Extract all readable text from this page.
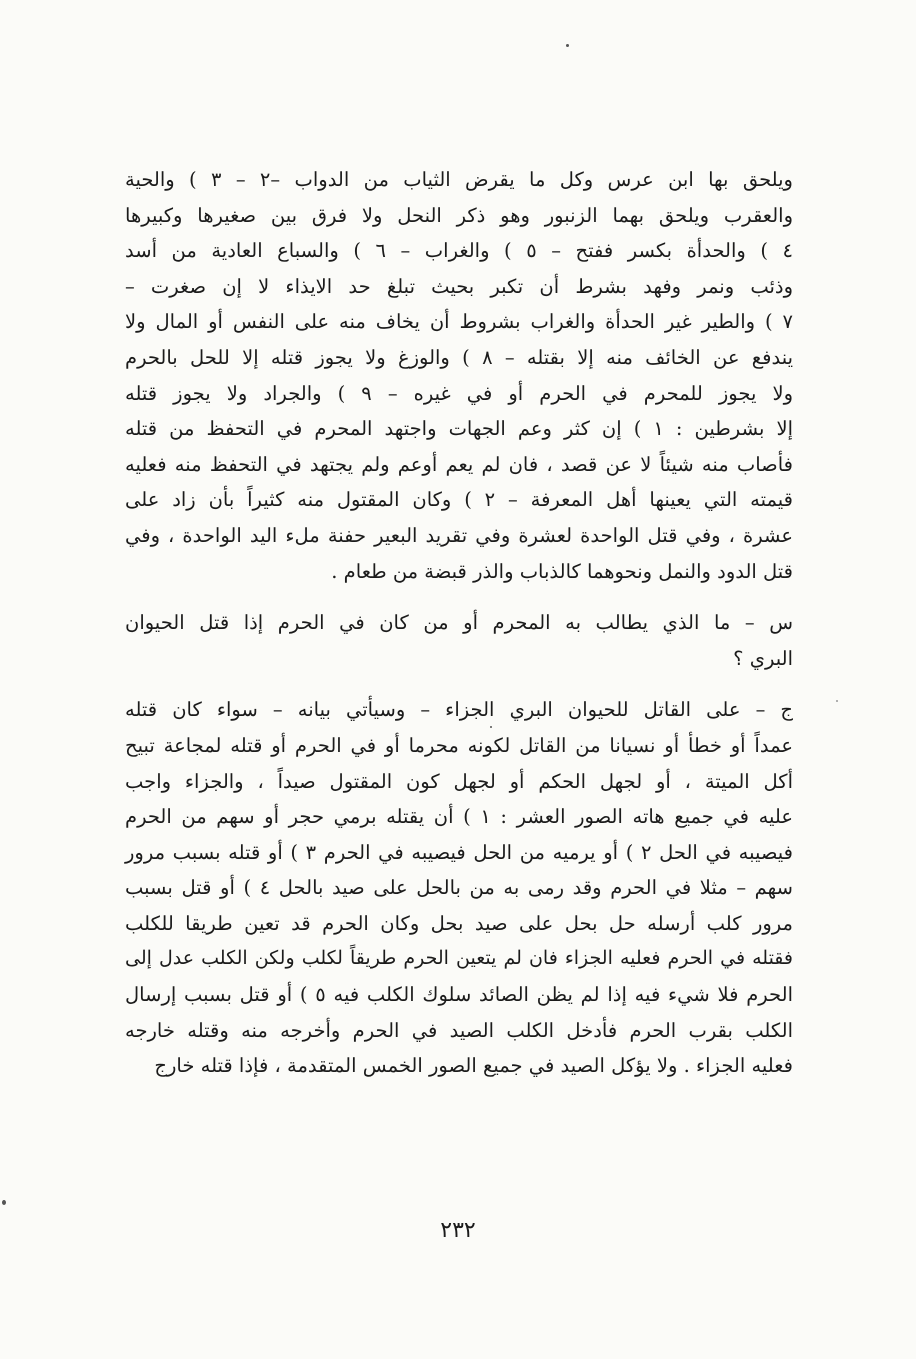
ويلحق بها ابن عرس وكل ما يقرض الثياب من الدواب –٢ – ٣ ) والحية
والعقرب ويلحق بهما الزنبور وهو ذكر النحل ولا فرق بين صغيرها وكبيرها
٤ ) والحدأة بكسر ففتح – ٥ ) والغراب – ٦ ) والسباع العادية من أسد
وذئب ونمر وفهد بشرط أن تكبر بحيث تبلغ حد الايذاء لا إن صغرت –
٧ ) والطير غير الحدأة والغراب بشروط أن يخاف منه على النفس أو المال ولا
يندفع عن الخائف منه إلا بقتله – ٨ ) والوزغ ولا يجوز قتله إلا للحل بالحرم
ولا يجوز للمحرم في الحرم أو في غيره – ٩ ) والجراد ولا يجوز قتله
إلا بشرطين : ١ ) إن كثر وعم الجهات واجتهد المحرم في التحفظ من قتله
فأصاب منه شيئاً لا عن قصد ، فان لم يعم أوعم ولم يجتهد في التحفظ منه فعليه
قيمته التي يعينها أهل المعرفة – ٢ ) وكان المقتول منه كثيراً بأن زاد على
عشرة ، وفي قتل الواحدة لعشرة وفي تقريد البعير حفنة ملء اليد الواحدة ، وفي
قتل الدود والنمل ونحوهما كالذباب والذر قبضة من طعام .
س – ما الذي يطالب به المحرم أو من كان في الحرم إذا قتل الحيوان
البري ؟
ج – على القاتل للحيوان البري الجزاء – وسيأتي بيانه – سواء كان قتله
عمداً أو خطأ أو نسيانا من القاتل لكونه محرما أو في الحرم أو قتله لمجاعة تبيح
أكل الميتة ، أو لجهل الحكم أو لجهل كون المقتول صيداً ، والجزاء واجب
عليه في جميع هاته الصور العشر : ١ ) أن يقتله برمي حجر أو سهم من الحرم
فيصيبه في الحل ٢ ) أو يرميه من الحل فيصيبه في الحرم ٣ ) أو قتله بسبب مرور
سهم – مثلا في الحرم وقد رمى به من بالحل على صيد بالحل ٤ ) أو قتل بسبب
مرور كلب أرسله حل بحل على صيد بحل وكان الحرم قد تعين طريقا للكلب
فقتله في الحرم فعليه الجزاء فان لم يتعين الحرم طريقاً لكلب ولكن الكلب عدل إلى
الحرم فلا شيء فيه إذا لم يظن الصائد سلوك الكلب فيه ٥ ) أو قتل بسبب إرسال
الكلب بقرب الحرم فأدخل الكلب الصيد في الحرم وأخرجه منه وقتله خارجه
فعليه الجزاء . ولا يؤكل الصيد في جميع الصور الخمس المتقدمة ، فإذا قتله خارج
٢٣٢
